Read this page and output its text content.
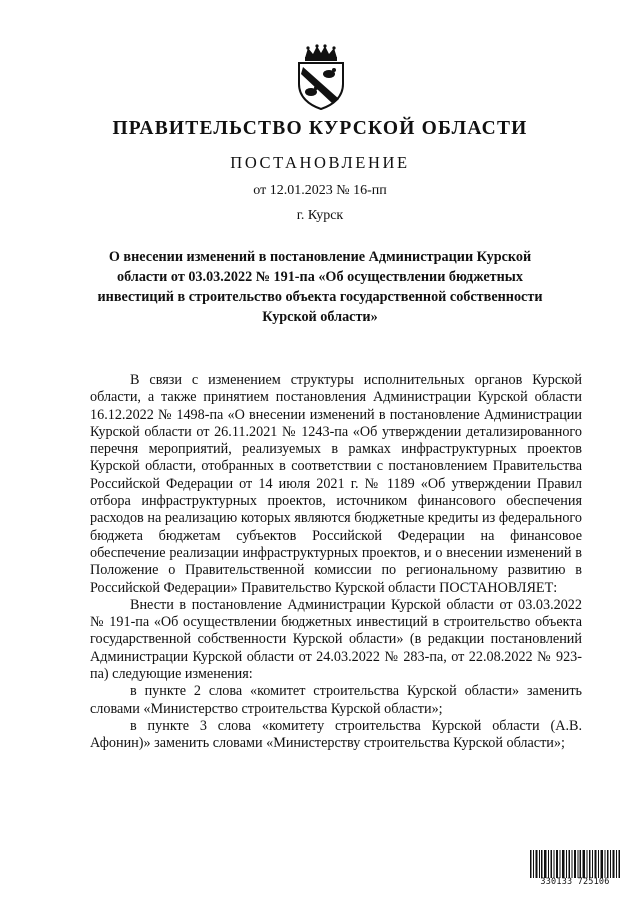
ПРАВИТЕЛЬСТВО КУРСКОЙ ОБЛАСТИ
ПОСТАНОВЛЕНИЕ
от 12.01.2023 № 16-пп
г. Курск
О внесении изменений в постановление Администрации Курской области от 03.03.2022 № 191-па «Об осуществлении бюджетных инвестиций в строительство объекта государственной собственности Курской области»

В связи с изменением структуры исполнительных органов Курской области, а также принятием постановления Администрации Курской области 16.12.2022 № 1498-па «О внесении изменений в постановление Администрации Курской области от 26.11.2021 № 1243-па «Об утверждении детализированного перечня мероприятий, реализуемых в рамках инфраструктурных проектов Курской области, отобранных в соответствии с постановлением Правительства Российской Федерации от 14 июля 2021 г. № 1189 «Об утверждении Правил отбора инфраструктурных проектов, источником финансового обеспечения расходов на реализацию которых являются бюджетные кредиты из федерального бюджета бюджетам субъектов Российской Федерации на финансовое обеспечение реализации инфраструктурных проектов, и о внесении изменений в Положение о Правительственной комиссии по региональному развитию в Российской Федерации» Правительство Курской области ПОСТАНОВЛЯЕТ:

Внести в постановление Администрации Курской области от 03.03.2022 № 191-па «Об осуществлении бюджетных инвестиций в строительство объекта государственной собственности Курской области» (в редакции постановлений Администрации Курской области от 24.03.2022 № 283-па, от 22.08.2022 № 923-па) следующие изменения:

в пункте 2 слова «комитет строительства Курской области» заменить словами «Министерство строительства Курской области»;

в пункте 3 слова «комитету строительства Курской области (А.В. Афонин)» заменить словами «Министерству строительства Курской области»;

330133 725106
